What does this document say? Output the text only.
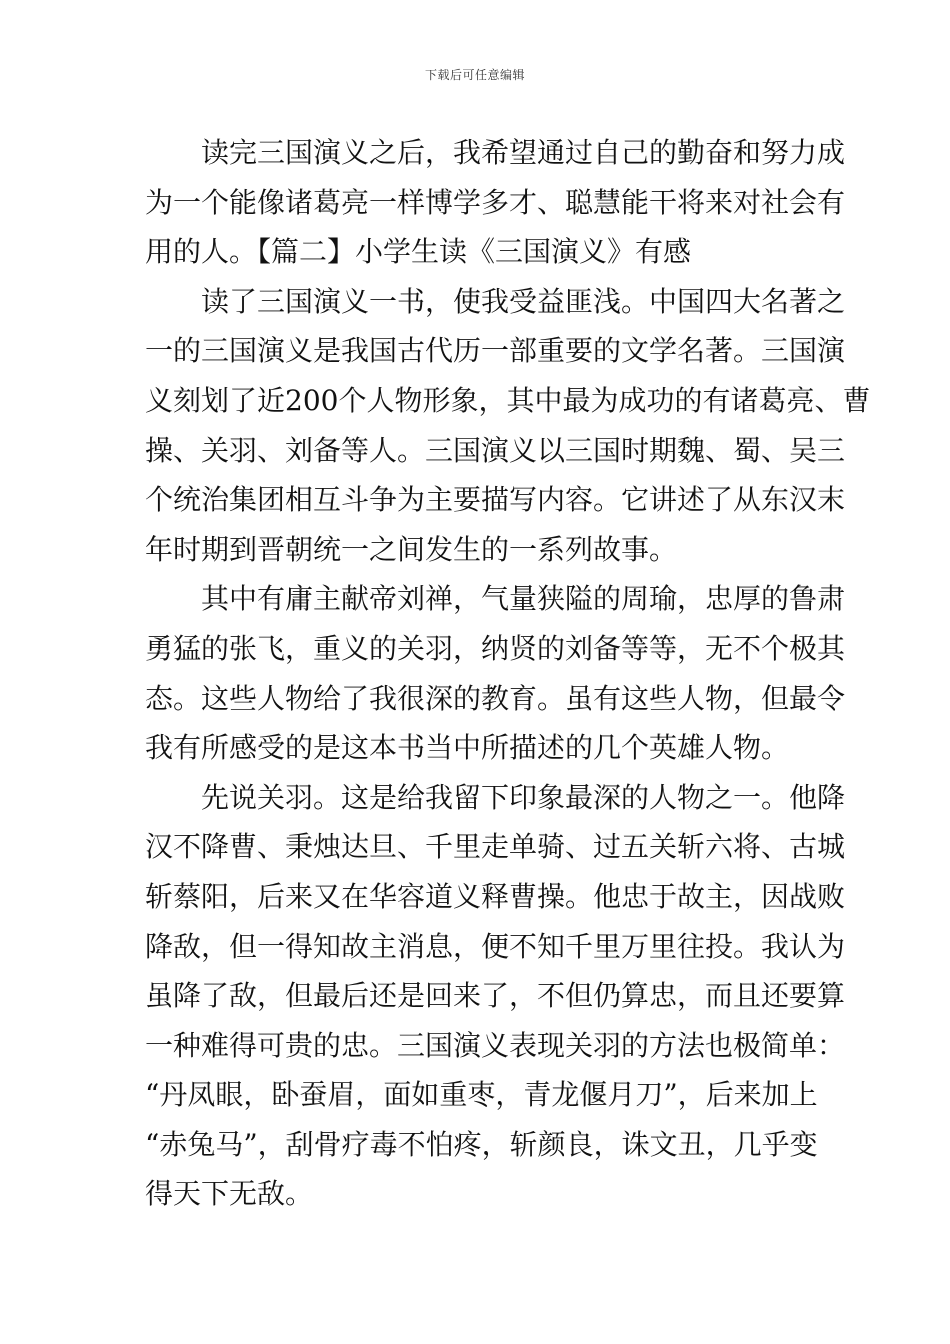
下载后可任意编辑
读完三国演义之后，我希望通过自己的勤奋和努力成
为一个能像诸葛亮一样博学多才、聪慧能干将来对社会有
用的人。【篇二】小学生读《三国演义》有感
读了三国演义一书，使我受益匪浅。中国四大名著之
一的三国演义是我国古代历一部重要的文学名著。三国演
义刻划了近200个人物形象，其中最为成功的有诸葛亮、曹
操、关羽、刘备等人。三国演义以三国时期魏、蜀、吴三
个统治集团相互斗争为主要描写内容。它讲述了从东汉末
年时期到晋朝统一之间发生的一系列故事。
其中有庸主献帝刘禅，气量狭隘的周瑜，忠厚的鲁肃
勇猛的张飞，重义的关羽，纳贤的刘备等等，无不个极其
态。这些人物给了我很深的教育。虽有这些人物，但最令
我有所感受的是这本书当中所描述的几个英雄人物。
先说关羽。这是给我留下印象最深的人物之一。他降
汉不降曹、秉烛达旦、千里走单骑、过五关斩六将、古城
斩蔡阳，后来又在华容道义释曹操。他忠于故主，因战败
降敌，但一得知故主消息，便不知千里万里往投。我认为
虽降了敌，但最后还是回来了，不但仍算忠，而且还要算
一种难得可贵的忠。三国演义表现关羽的方法也极简单：
“丹凤眼，卧蚕眉，面如重枣，青龙偃月刀”，后来加上
“赤兔马”，刮骨疗毒不怕疼，斩颜良，诛文丑，几乎变
得天下无敌。
